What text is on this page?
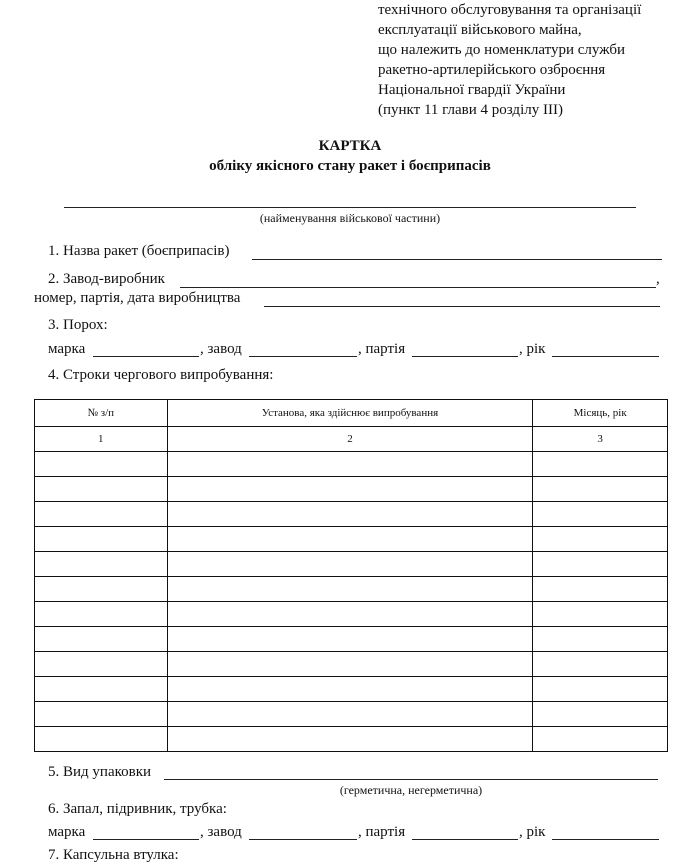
технічного обслуговування та організації
експлуатації військового майна,
що належить до номенклатури служби
ракетно-артилерійського озброєння
Національної гвардії України
(пункт 11 глави 4 розділу III)
КАРТКА
обліку якісного стану ракет і боєприпасів
(найменування військової частини)
1. Назва ракет (боєприпасів)
2. Завод-виробник	,
номер, партія, дата виробництва
3. Порох:
марка	, завод	, партія	, рік
4. Строки чергового випробування:
№ з/п	Установа, яка здійснює випробування	Місяць, рік
1	2	3

5. Вид упаковки
(герметична, негерметична)
6. Запал, підривник, трубка:
марка	, завод	, партія	, рік
7. Капсульна втулка:
